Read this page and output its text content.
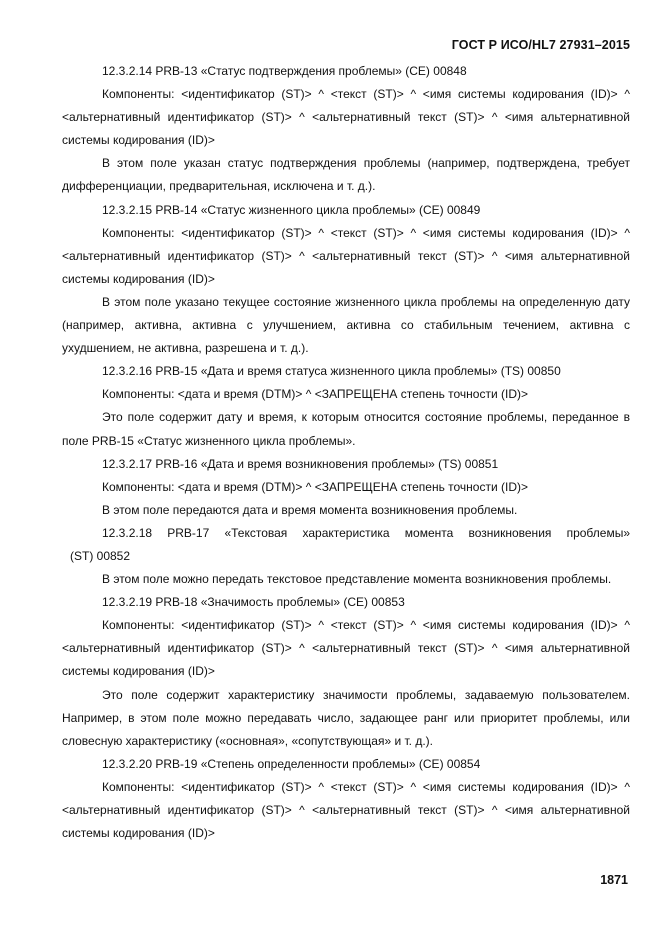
ГОСТ Р ИСО/HL7 27931–2015

12.3.2.14 PRB-13 «Статус подтверждения проблемы» (CE) 00848

Компоненты: <идентификатор (ST)> ^ <текст (ST)> ^ <имя системы кодирования (ID)> ^ <альтернативный идентификатор (ST)> ^ <альтернативный текст (ST)> ^ <имя альтернативной системы кодирования (ID)>

В этом поле указан статус подтверждения проблемы (например, подтверждена, требует дифференциации, предварительная, исключена и т. д.).

12.3.2.15 PRB-14 «Статус жизненного цикла проблемы» (CE) 00849

Компоненты: <идентификатор (ST)> ^ <текст (ST)> ^ <имя системы кодирования (ID)> ^ <альтернативный идентификатор (ST)> ^ <альтернативный текст (ST)> ^ <имя альтернативной системы кодирования (ID)>

В этом поле указано текущее состояние жизненного цикла проблемы на определенную дату (например, активна, активна с улучшением, активна со стабильным течением, активна с ухудшением, не активна, разрешена и т. д.).

12.3.2.16 PRB-15 «Дата и время статуса жизненного цикла проблемы» (TS) 00850

Компоненты: <дата и время (DTM)> ^ <ЗАПРЕЩЕНА степень точности (ID)>

Это поле содержит дату и время, к которым относится состояние проблемы, переданное в поле PRB-15 «Статус жизненного цикла проблемы».

12.3.2.17 PRB-16 «Дата и время возникновения проблемы» (TS) 00851

Компоненты: <дата и время (DTM)> ^ <ЗАПРЕЩЕНА степень точности (ID)>

В этом поле передаются дата и время момента возникновения проблемы.

12.3.2.18 PRB-17 «Текстовая характеристика момента возникновения проблемы»

(ST) 00852

В этом поле можно передать текстовое представление момента возникновения проблемы.

12.3.2.19 PRB-18 «Значимость проблемы» (CE) 00853

Компоненты: <идентификатор (ST)> ^ <текст (ST)> ^ <имя системы кодирования (ID)> ^ <альтернативный идентификатор (ST)> ^ <альтернативный текст (ST)> ^ <имя альтернативной системы кодирования (ID)>

Это поле содержит характеристику значимости проблемы, задаваемую пользователем. Например, в этом поле можно передавать число, задающее ранг или приоритет проблемы, или словесную характеристику («основная», «сопутствующая» и т. д.).

12.3.2.20 PRB-19 «Степень определенности проблемы» (CE) 00854

Компоненты: <идентификатор (ST)> ^ <текст (ST)> ^ <имя системы кодирования (ID)> ^ <альтернативный идентификатор (ST)> ^ <альтернативный текст (ST)> ^ <имя альтернативной системы кодирования (ID)>

1871
